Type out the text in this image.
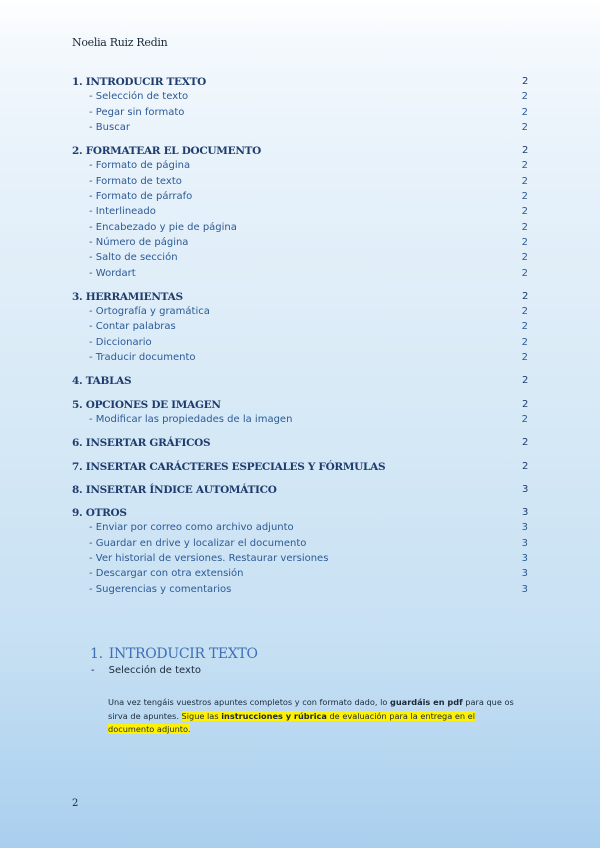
Noelia Ruiz Redin
1. INTRODUCIR TEXTO	2
- Selección de texto	2
- Pegar sin formato	2
- Buscar	2
2. FORMATEAR EL DOCUMENTO	2
- Formato de página	2
- Formato de texto	2
- Formato de párrafo	2
- Interlineado	2
- Encabezado y pie de página	2
- Número de página	2
- Salto de sección	2
- Wordart	2
3. HERRAMIENTAS	2
- Ortografía y gramática	2
- Contar palabras	2
- Diccionario	2
- Traducir documento	2
4. TABLAS	2
5. OPCIONES DE IMAGEN	2
- Modificar las propiedades de la imagen	2
6. INSERTAR GRÁFICOS	2
7. INSERTAR CARÁCTERES ESPECIALES Y FÓRMULAS	2
8. INSERTAR ÍNDICE AUTOMÁTICO	3
9. OTROS	3
- Enviar por correo como archivo adjunto	3
- Guardar en drive y localizar el documento	3
- Ver historial de versiones. Restaurar versiones	3
- Descargar con otra extensión	3
- Sugerencias y comentarios	3
1. INTRODUCIR TEXTO
- Selección de texto
Una vez tengáis vuestros apuntes completos y con formato dado, lo guardáis en pdf para que os sirva de apuntes. Sigue las instrucciones y rúbrica de evaluación para la entrega en el documento adjunto.
2
